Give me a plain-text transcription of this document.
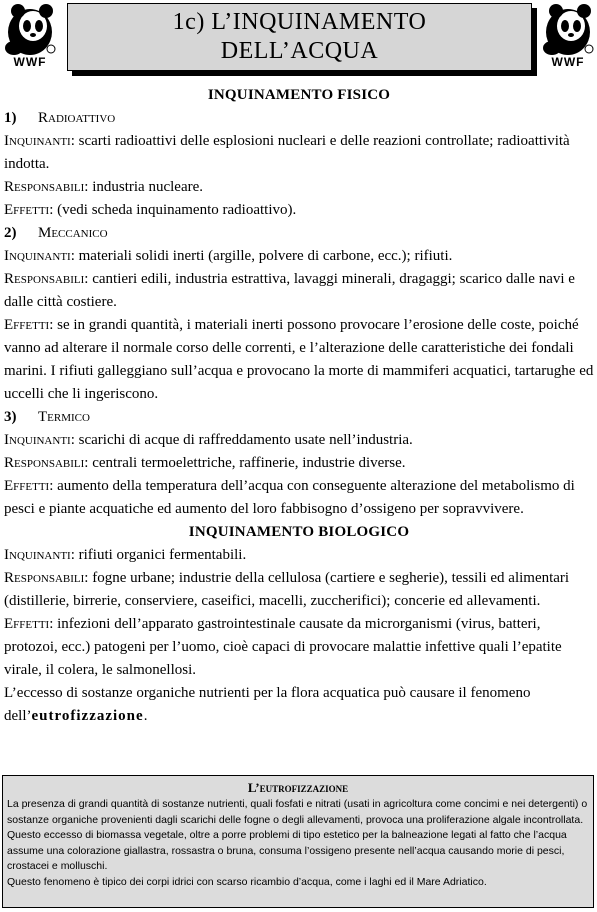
WWF
1c) L’INQUINAMENTO
DELL’ACQUA	WWF
INQUINAMENTO FISICO

1) Radioattivo

Inquinanti: scarti radioattivi delle esplosioni nucleari e delle reazioni controllate; radioattività indotta.

Responsabili: industria nucleare.

Effetti: (vedi scheda inquinamento radioattivo).

2) Meccanico

Inquinanti: materiali solidi inerti (argille, polvere di carbone, ecc.); rifiuti.

Responsabili: cantieri edili, industria estrattiva, lavaggi minerali, dragaggi; scarico dalle navi e dalle città costiere.

Effetti: se in grandi quantità, i materiali inerti possono provocare l’erosione delle coste, poiché vanno ad alterare il normale corso delle correnti, e l’alterazione delle caratteristiche dei fondali marini. I rifiuti galleggiano sull’acqua e provocano la morte di mammiferi acquatici, tartarughe ed uccelli che li ingeriscono.

3) Termico

Inquinanti: scarichi di acque di raffreddamento usate nell’industria.

Responsabili: centrali termoelettriche, raffinerie, industrie diverse.

Effetti: aumento della temperatura dell’acqua con conseguente alterazione del metabolismo di pesci e piante acquatiche ed aumento del loro fabbisogno d’ossigeno per sopravvivere.

INQUINAMENTO BIOLOGICO

Inquinanti: rifiuti organici fermentabili.

Responsabili: fogne urbane; industrie della cellulosa (cartiere e segherie), tessili ed alimentari (distillerie, birrerie, conserviere, caseifici, macelli, zuccherifici); concerie ed allevamenti.

Effetti: infezioni dell’apparato gastrointestinale causate da microrganismi (virus, batteri, protozoi, ecc.) patogeni per l’uomo, cioè capaci di provocare malattie infettive quali l’epatite virale, il colera, le salmonellosi.

L’eccesso di sostanze organiche nutrienti per la flora acquatica può causare il fenomeno dell’eutrofizzazione.

L’eutrofizzazione
La presenza di grandi quantità di sostanze nutrienti, quali fosfati e nitrati (usati in agricoltura come concimi e nei detergenti) o sostanze organiche provenienti dagli scarichi delle fogne o degli allevamenti, provoca una proliferazione algale incontrollata. Questo eccesso di biomassa vegetale, oltre a porre problemi di tipo estetico per la balneazione legati al fatto che l’acqua assume una colorazione giallastra, rossastra o bruna, consuma l’ossigeno presente nell’acqua causando morie di pesci, crostacei e molluschi.
Questo fenomeno è tipico dei corpi idrici con scarso ricambio d’acqua, come i laghi ed il Mare Adriatico.
